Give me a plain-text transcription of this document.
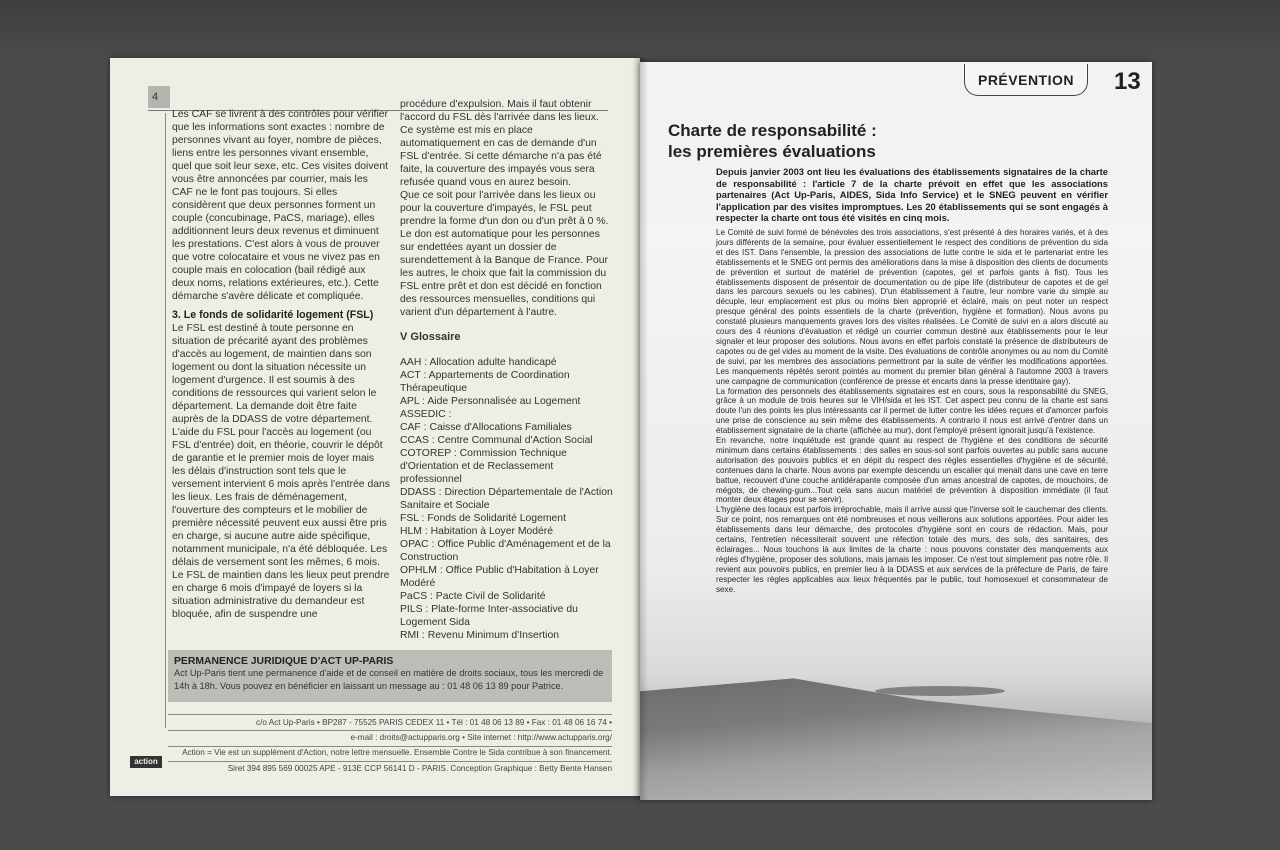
4

Les CAF se livrent à des contrôles pour vérifier que les informations sont exactes : nombre de personnes vivant au foyer, nombre de pièces, liens entre les personnes vivant ensemble, quel que soit leur sexe, etc. Ces visites doivent vous être annoncées par courrier, mais les CAF ne le font pas toujours. Si elles considèrent que deux personnes forment un couple (concubinage, PaCS, mariage), elles additionnent leurs deux revenus et diminuent les prestations. C'est alors à vous de prouver que votre colocataire et vous ne vivez pas en couple mais en colocation (bail rédigé aux deux noms, relations extérieures, etc.). Cette démarche s'avère délicate et compliquée.

3. Le fonds de solidarité logement (FSL)

Le FSL est destiné à toute personne en situation de précarité ayant des problèmes d'accès au logement, de maintien dans son logement ou dont la situation nécessite un logement d'urgence. Il est soumis à des conditions de ressources qui varient selon le département. La demande doit être faite auprès de la DDASS de votre département. L'aide du FSL pour l'accès au logement (ou FSL d'entrée) doit, en théorie, couvrir le dépôt de garantie et le premier mois de loyer mais les délais d'instruction sont tels que le versement intervient 6 mois après l'entrée dans les lieux. Les frais de déménagement, l'ouverture des compteurs et le mobilier de première nécessité peuvent eux aussi être pris en charge, si aucune autre aide spécifique, notamment municipale, n'a été débloquée. Les délais de versement sont les mêmes, 6 mois.

Le FSL de maintien dans les lieux peut prendre en charge 6 mois d'impayé de loyers si la situation administrative du demandeur est bloquée, afin de suspendre une

procédure d'expulsion. Mais il faut obtenir l'accord du FSL dès l'arrivée dans les lieux. Ce système est mis en place automatiquement en cas de demande d'un FSL d'entrée. Si cette démarche n'a pas été faite, la couverture des impayés vous sera refusée quand vous en aurez besoin.

Que ce soit pour l'arrivée dans les lieux ou pour la couverture d'impayés, le FSL peut prendre la forme d'un don ou d'un prêt à 0 %. Le don est automatique pour les personnes sur endettées ayant un dossier de surendettement à la Banque de France. Pour les autres, le choix que fait la commission du FSL entre prêt et don est décidé en fonction des ressources mensuelles, conditions qui varient d'un département à l'autre.

V Glossaire

AAH : Allocation adulte handicapé

ACT : Appartements de Coordination Thérapeutique

APL : Aide Personnalisée au Logement

ASSEDIC :

CAF : Caisse d'Allocations Familiales

CCAS : Centre Communal d'Action Social

COTOREP : Commission Technique d'Orientation et de Reclassement professionnel

DDASS : Direction Départementale de l'Action Sanitaire et Sociale

FSL : Fonds de Solidarité Logement

HLM : Habitation à Loyer Modéré

OPAC : Office Public d'Aménagement et de la Construction

OPHLM : Office Public d'Habitation à Loyer Modéré

PaCS : Pacte Civil de Solidarité

PILS : Plate-forme Inter-associative du Logement Sida

RMI : Revenu Minimum d'Insertion

PERMANENCE JURIDIQUE D'ACT UP-PARIS
Act Up-Paris tient une permanence d'aide et de conseil en matière de droits sociaux, tous les mercredi de 14h à 18h. Vous pouvez en bénéficier en laissant un message au : 01 48 06 13 89 pour Patrice.
c/o Act Up-Paris • BP287 - 75525 PARIS CEDEX 11 • Tél : 01 48 06 13 89 • Fax : 01 48 06 16 74 •
e-mail : droits@actupparis.org • Site internet : http://www.actupparis.org/
Action = Vie est un supplément d'Action, notre lettre mensuelle. Ensemble Contre le Sida contribue à son financement.
Siret 394 895 569 00025 APE - 913E CCP 56141 D - PARIS. Conception Graphique : Betty Bente Hansen
action
PRÉVENTION	13
Charte de responsabilité :
les premières évaluations
Depuis janvier 2003 ont lieu les évaluations des établissements signataires de la charte de responsabilité : l'article 7 de la charte prévoit en effet que les associations partenaires (Act Up-Paris, AIDES, Sida Info Service) et le SNEG peuvent en vérifier l'application par des visites impromptues. Les 20 établissements qui se sont engagés à respecter la charte ont tous été visités en cinq mois.

Le Comité de suivi formé de bénévoles des trois associations, s'est présenté à des horaires variés, et à des jours différents de la semaine, pour évaluer essentiellement le respect des conditions de prévention du sida et des IST. Dans l'ensemble, la pression des associations de lutte contre le sida et le partenariat entre les établissements et le SNEG ont permis des améliorations dans la mise à disposition des clients de documents de prévention et surtout de matériel de prévention (capotes, gel et parfois gants à fist). Tous les établissements disposent de présentoir de documentation ou de pipe life (distributeur de capotes et de gel dans les parcours sexuels ou les cabines). D'un établissement à l'autre, leur nombre varie du simple au décuple, leur emplacement est plus ou moins bien approprié et éclairé, mais on peut noter un respect presque général des points essentiels de la charte (prévention, hygiène et formation). Nous avons pu constaté plusieurs manquements graves lors des visites réalisées. Le Comité de suivi en a alors discuté au cours des 4 réunions d'évaluation et rédigé un courrier commun destiné aux établissements pour le leur signaler et leur proposer des solutions. Nous avons en effet parfois constaté la présence de distributeurs de capotes ou de gel vides au moment de la visite. Des évaluations de contrôle anonymes ou au nom du Comité de suivi, par les membres des associations permettront par la suite de vérifier les modifications apportées. Les manquements répétés seront pointés au moment du premier bilan général à l'automne 2003 à travers une campagne de communication (conférence de presse et encarts dans la presse identitaire gay).

La formation des personnels des établissements signataires est en cours, sous la responsabilité du SNEG, grâce à un module de trois heures sur le VIH/sida et les IST. Cet aspect peu connu de la charte est sans doute l'un des points les plus intéressants car il permet de lutter contre les idées reçues et d'amorcer parfois une prise de conscience au sein même des établissements. A contrario il nous est arrivé d'entrer dans un établissement signataire de la charte (affichée au mur), dont l'employé présent ignorait jusqu'à l'existence.

En revanche, notre inquiétude est grande quant au respect de l'hygiène et des conditions de sécurité minimum dans certains établissements : des salles en sous-sol sont parfois ouvertes au public sans aucune autorisation des pouvoirs publics et en dépit du respect des règles essentielles d'hygiène et de sécurité, contenues dans la charte. Nous avons par exemple descendu un escalier qui menait dans une cave en terre battue, recouvert d'une couche antidérapante composée d'un amas ancestral de capotes, de mouchoirs, de mégots, de chewing-gum...Tout cela sans aucun matériel de prévention à disposition immédiate (il faut monter deux étages pour se servir).

L'hygiène des locaux est parfois irréprochable, mais il arrive aussi que l'inverse soit le cauchemar des clients. Sur ce point, nos remarques ont été nombreuses et nous veillerons aux solutions apportées. Pour aider les établissements dans leur démarche, des protocoles d'hygiène sont en cours de rédaction. Mais, pour certains, l'entretien nécessiterait souvent une réfection totale des murs, des sols, des sanitaires, des éclairages... Nous touchons là aux limites de la charte : nous pouvons constater des manquements aux règles d'hygiène, proposer des solutions, mais jamais les imposer. Ce n'est tout simplement pas notre rôle. Il revient aux pouvoirs publics, en premier lieu à la DDASS et aux services de la préfecture de Paris, de faire respecter les règles applicables aux lieux fréquentés par le public, tout homosexuel et consommateur de sexe.
